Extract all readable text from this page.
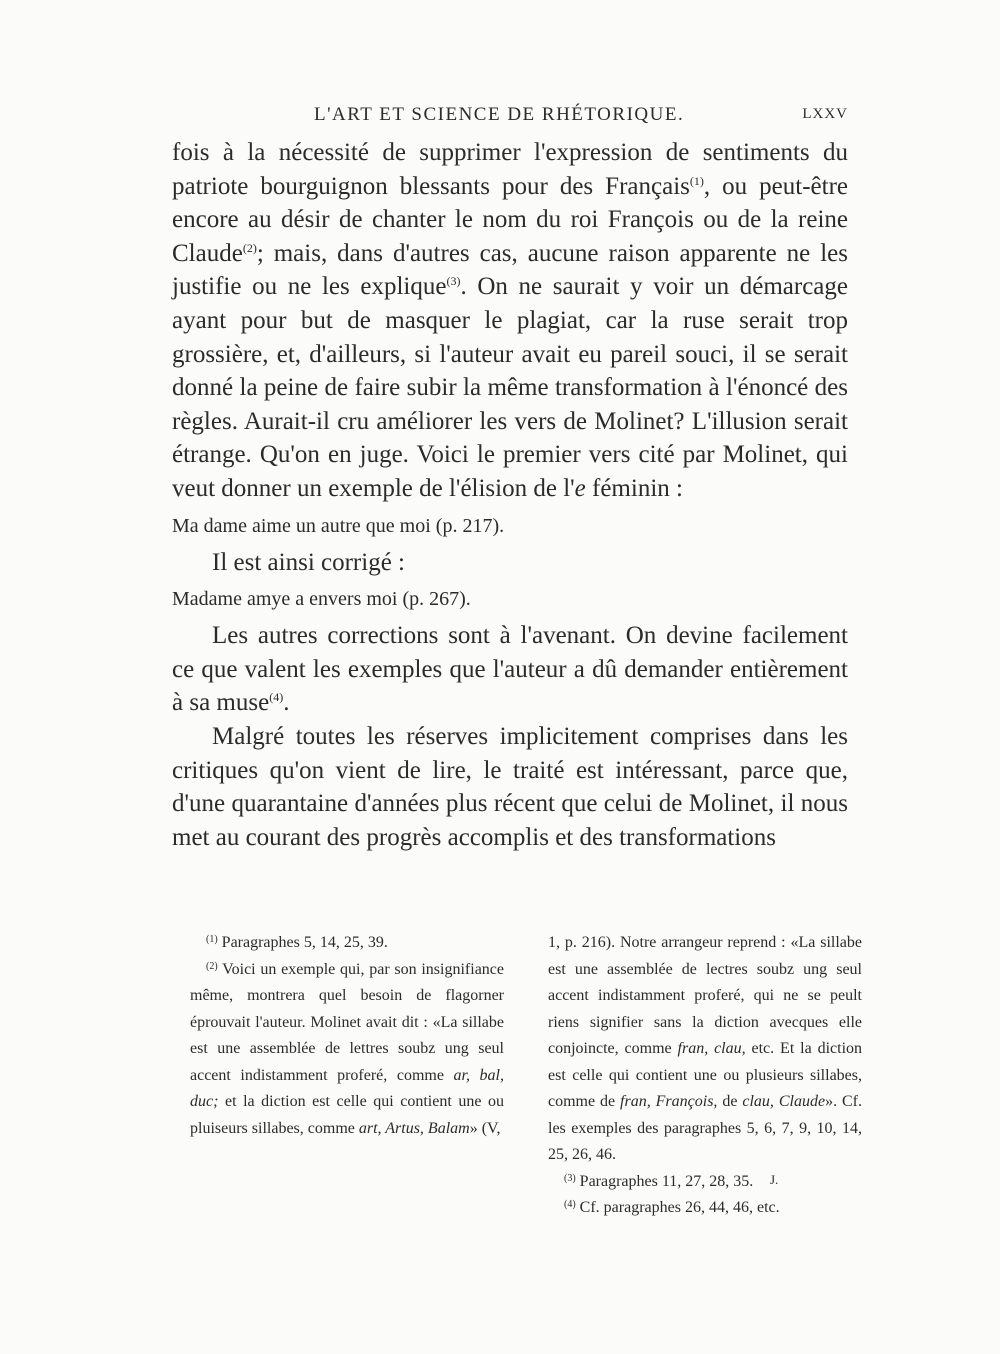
L'ART ET SCIENCE DE RHÉTORIQUE.	LXXV

fois à la nécessité de supprimer l'expression de sentiments du patriote bourguignon blessants pour des Français$^{(1)}$, ou peut-être encore au désir de chanter le nom du roi François ou de la reine Claude$^{(2)}$; mais, dans d'autres cas, aucune raison apparente ne les justifie ou ne les explique$^{(3)}$. On ne saurait y voir un démarcage ayant pour but de masquer le plagiat, car la ruse serait trop grossière, et, d'ailleurs, si l'auteur avait eu pareil souci, il se serait donné la peine de faire subir la même transformation à l'énoncé des règles. Aurait-il cru améliorer les vers de Molinet? L'illusion serait étrange. Qu'on en juge. Voici le premier vers cité par Molinet, qui veut donner un exemple de l'élision de l'e féminin :

Ma dame aime un autre que moi (p. 217).

Il est ainsi corrigé :

Madame amye a envers moi (p. 267).

Les autres corrections sont à l'avenant. On devine facilement ce que valent les exemples que l'auteur a dû demander entièrement à sa muse$^{(4)}$.

Malgré toutes les réserves implicitement comprises dans les critiques qu'on vient de lire, le traité est intéressant, parce que, d'une quarantaine d'années plus récent que celui de Molinet, il nous met au courant des progrès accomplis et des transformations

$^{(1)}$ Paragraphes 5, 14, 25, 39.

$^{(2)}$ Voici un exemple qui, par son insignifiance même, montrera quel besoin de flagorner éprouvait l'auteur. Molinet avait dit : «La sillabe est une assemblée de lettres soubz ung seul accent indistamment proferé, comme ar, bal, duc; et la diction est celle qui contient une ou pluiseurs sillabes, comme art, Artus, Balam» (V,

1, p. 216). Notre arrangeur reprend : «La sillabe est une assemblée de lectres soubz ung seul accent indistamment proferé, qui ne se peult riens signifier sans la diction avecques elle conjoincte, comme fran, clau, etc. Et la diction est celle qui contient une ou plusieurs sillabes, comme de fran, François, de clau, Claude». Cf. les exemples des paragraphes 5, 6, 7, 9, 10, 14, 25, 26, 46.

$^{(3)}$ Paragraphes 11, 27, 28, 35.

$^{(4)}$ Cf. paragraphes 26, 44, 46, etc.

J.
